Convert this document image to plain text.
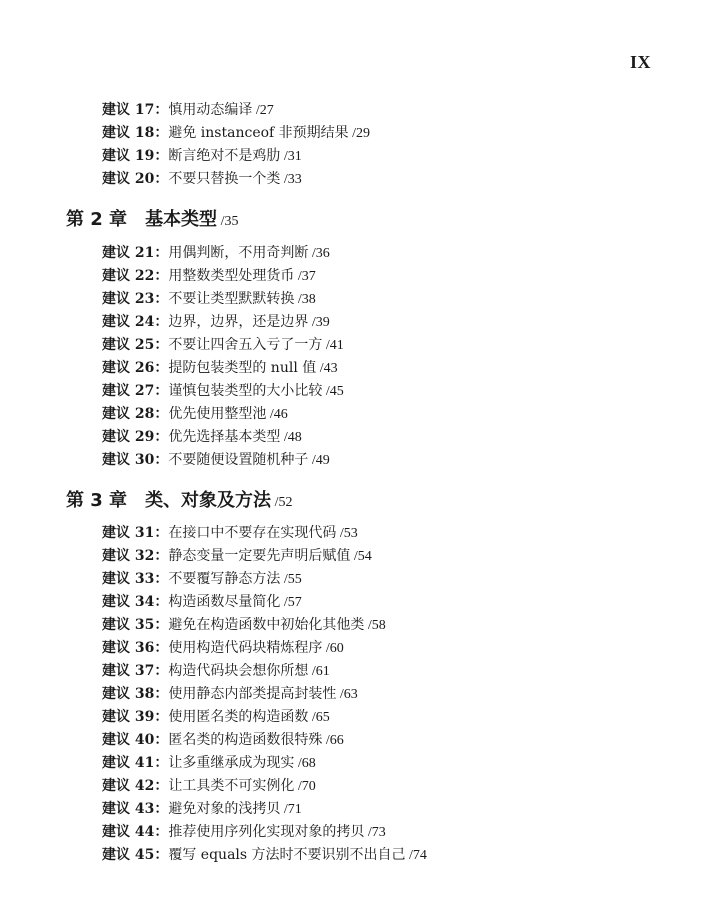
IX
建议 17：慎用动态编译 /27
建议 18：避免 instanceof 非预期结果 /29
建议 19：断言绝对不是鸡肋 /31
建议 20：不要只替换一个类 /33
第 2 章 基本类型 /35
建议 21：用偶判断，不用奇判断 /36
建议 22：用整数类型处理货币 /37
建议 23：不要让类型默默转换 /38
建议 24：边界，边界，还是边界 /39
建议 25：不要让四舍五入亏了一方 /41
建议 26：提防包装类型的 null 值 /43
建议 27：谨慎包装类型的大小比较 /45
建议 28：优先使用整型池 /46
建议 29：优先选择基本类型 /48
建议 30：不要随便设置随机种子 /49
第 3 章 类、对象及方法 /52
建议 31：在接口中不要存在实现代码 /53
建议 32：静态变量一定要先声明后赋值 /54
建议 33：不要覆写静态方法 /55
建议 34：构造函数尽量简化 /57
建议 35：避免在构造函数中初始化其他类 /58
建议 36：使用构造代码块精炼程序 /60
建议 37：构造代码块会想你所想 /61
建议 38：使用静态内部类提高封装性 /63
建议 39：使用匿名类的构造函数 /65
建议 40：匿名类的构造函数很特殊 /66
建议 41：让多重继承成为现实 /68
建议 42：让工具类不可实例化 /70
建议 43：避免对象的浅拷贝 /71
建议 44：推荐使用序列化实现对象的拷贝 /73
建议 45：覆写 equals 方法时不要识别不出自己 /74
